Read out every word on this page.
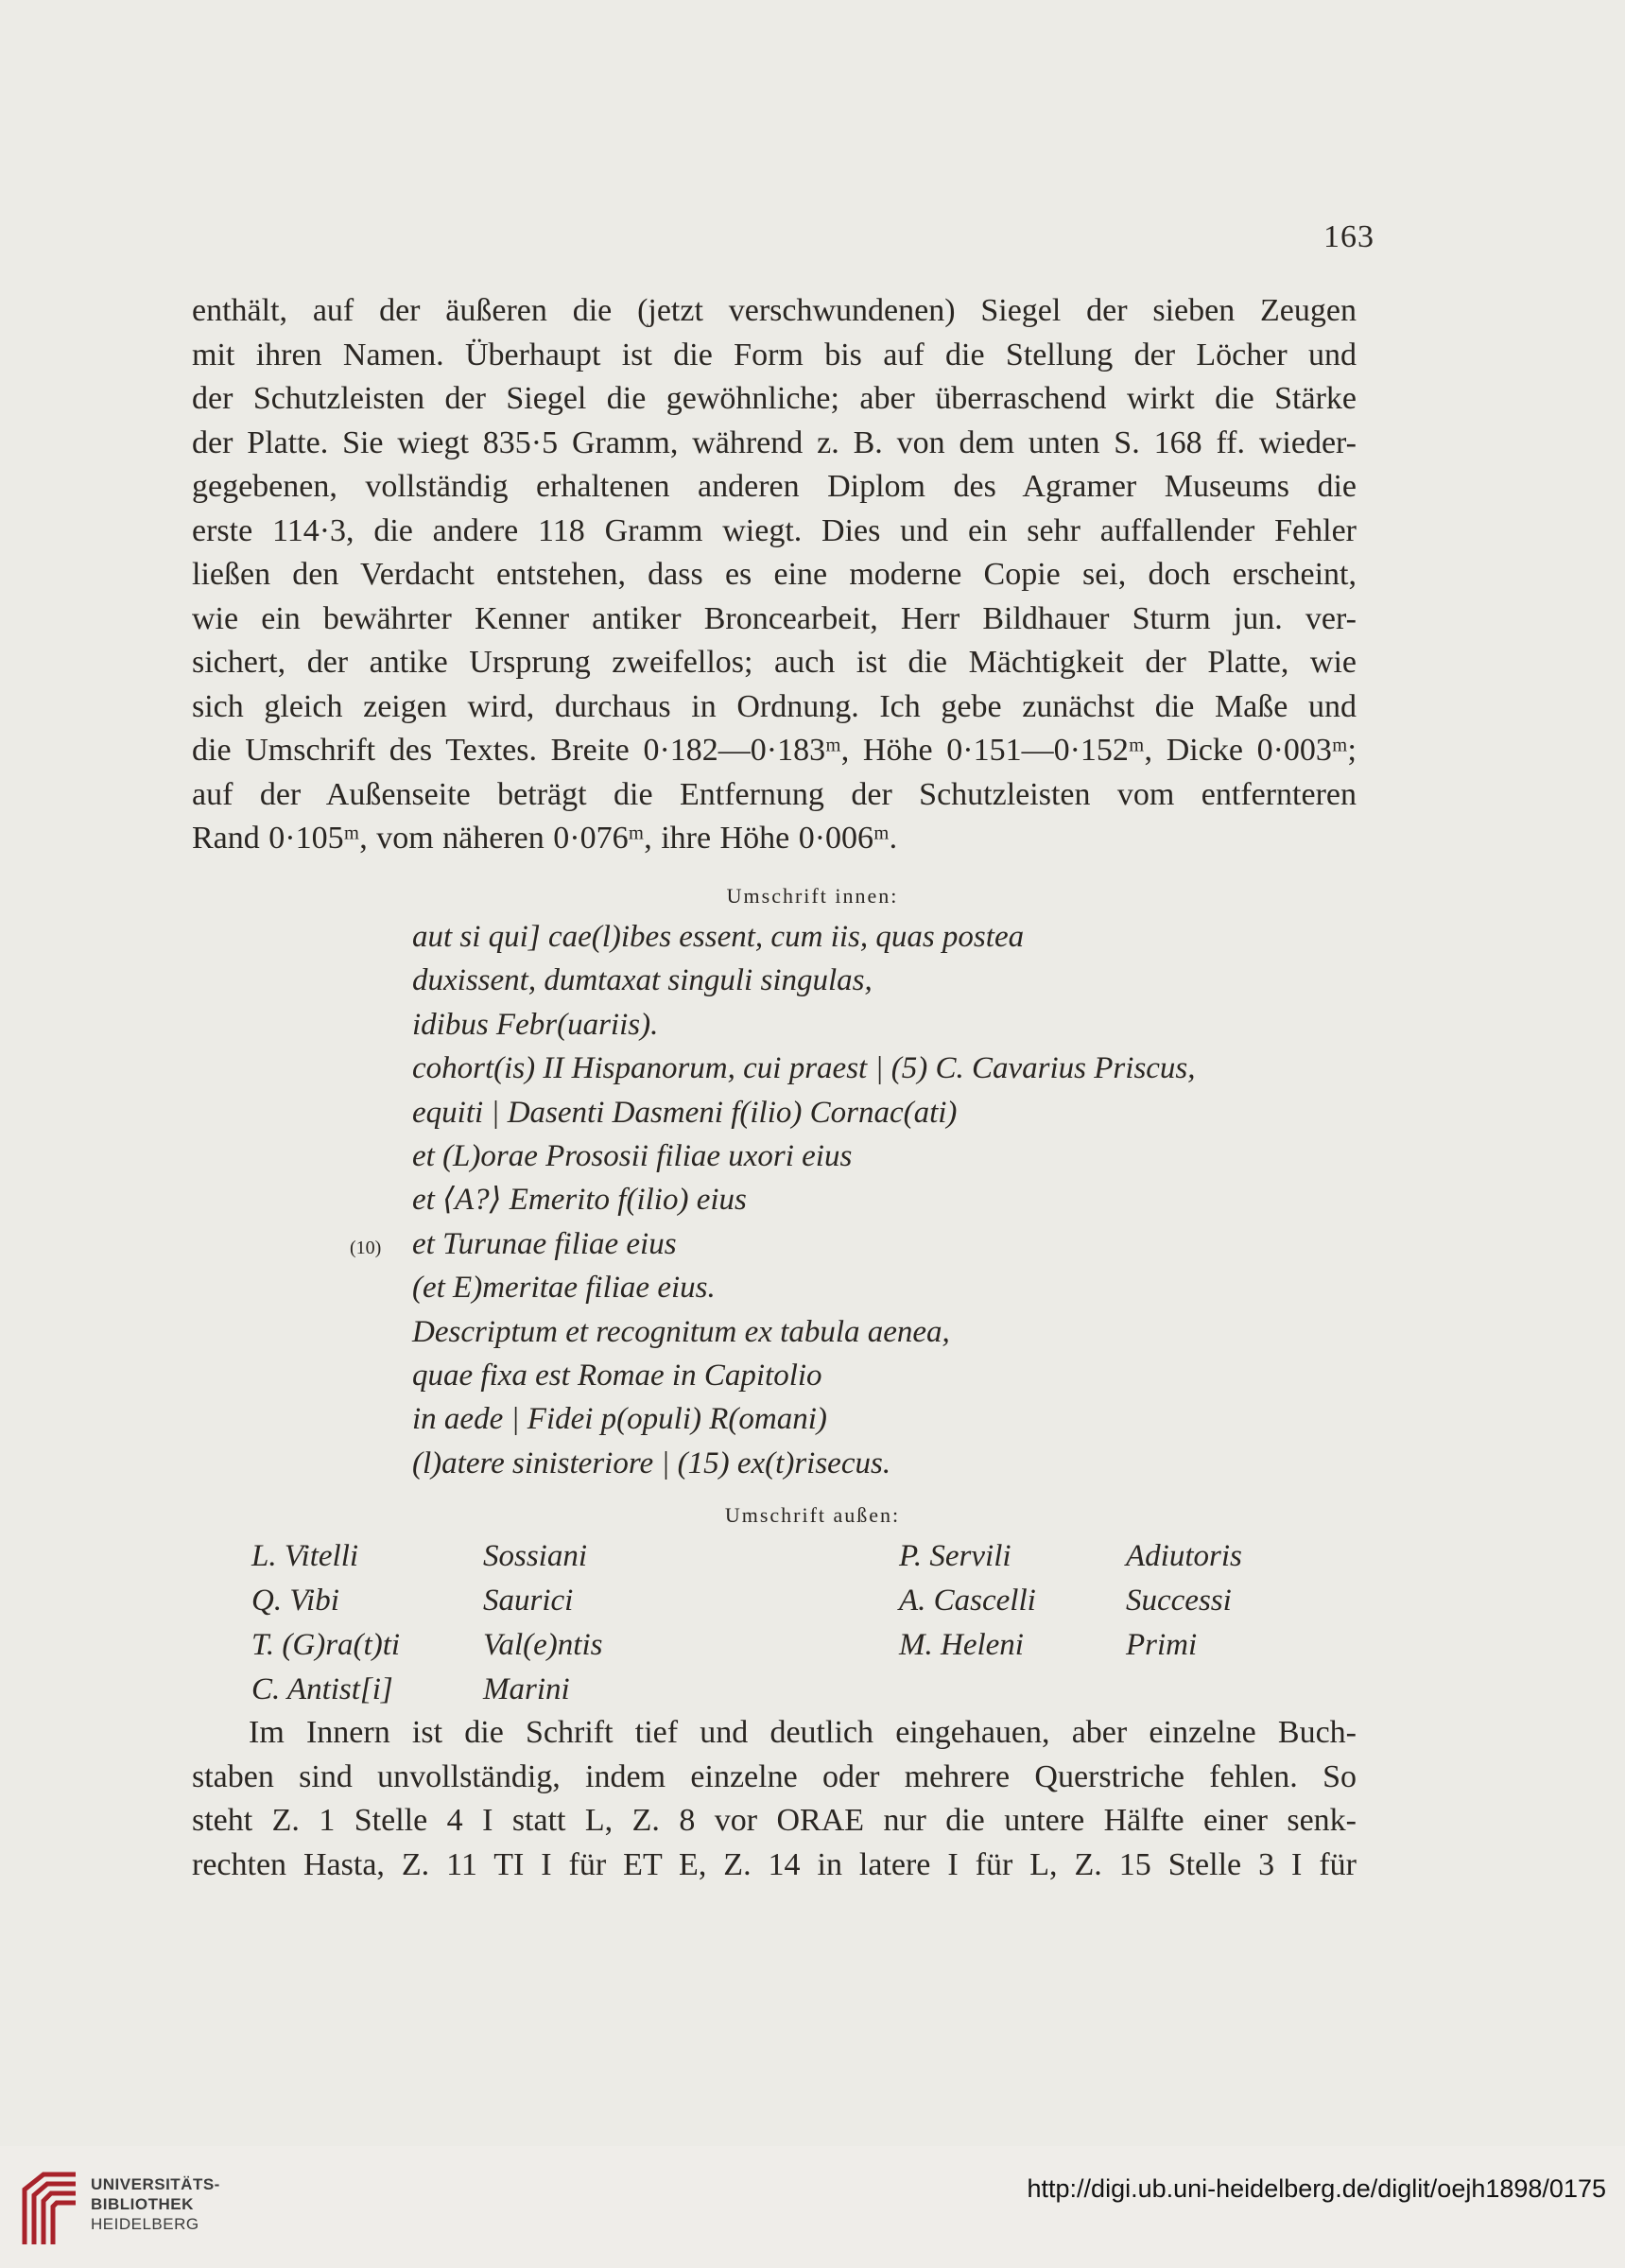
163
enthält, auf der äußeren die (jetzt verschwundenen) Siegel der sieben Zeugen
mit ihren Namen. Überhaupt ist die Form bis auf die Stellung der Löcher und
der Schutzleisten der Siegel die gewöhnliche; aber überraschend wirkt die Stärke
der Platte. Sie wiegt 835·5 Gramm, während z. B. von dem unten S. 168 ff. wieder-
gegebenen, vollständig erhaltenen anderen Diplom des Agramer Museums die
erste 114·3, die andere 118 Gramm wiegt. Dies und ein sehr auffallender Fehler
ließen den Verdacht entstehen, dass es eine moderne Copie sei, doch erscheint,
wie ein bewährter Kenner antiker Broncearbeit, Herr Bildhauer Sturm jun. ver-
sichert, der antike Ursprung zweifellos; auch ist die Mächtigkeit der Platte, wie
sich gleich zeigen wird, durchaus in Ordnung. Ich gebe zunächst die Maße und
die Umschrift des Textes. Breite 0·182—0·183ᵐ, Höhe 0·151—0·152ᵐ, Dicke 0·003ᵐ;
auf der Außenseite beträgt die Entfernung der Schutzleisten vom entfernteren
Rand 0·105ᵐ, vom näheren 0·076ᵐ, ihre Höhe 0·006ᵐ.
Umschrift innen:
aut si qui] cae(l)ibes essent, cum iis, quas postea
duxissent, dumtaxat singuli singulas,
idibus Febr(uariis).
cohort(is) II Hispanorum, cui praest | (5) C. Cavarius Priscus,
equiti | Dasenti Dasmeni f(ilio) Cornac(ati)
et (L)orae Prososii filiae uxori eius
et ⟨A?⟩ Emerito f(ilio) eius
(10) et Turunae filiae eius
(et E)meritae filiae eius.
Descriptum et recognitum ex tabula aenea,
quae fixa est Romae in Capitolio
in aede | Fidei p(opuli) R(omani)
(l)atere sinisteriore | (15) ex(t)risecus.
Umschrift außen:
L. Vitelli	Sossiani	P. Servili	Adiutoris
Q. Vibi	Saurici	A. Cascelli	Successi
T. (G)ra(t)ti	Val(e)ntis	M. Heleni	Primi
C. Antist[i]	Marini
Im Innern ist die Schrift tief und deutlich eingehauen, aber einzelne Buch-
staben sind unvollständig, indem einzelne oder mehrere Querstriche fehlen. So
steht Z. 1 Stelle 4 I statt L, Z. 8 vor ORAE nur die untere Hälfte einer senk-
rechten Hasta, Z. 11 TI I für ET E, Z. 14 in latere I für L, Z. 15 Stelle 3 I für
UNIVERSITÄTS-
BIBLIOTHEK
HEIDELBERG
http://digi.ub.uni-heidelberg.de/diglit/oejh1898/0175
